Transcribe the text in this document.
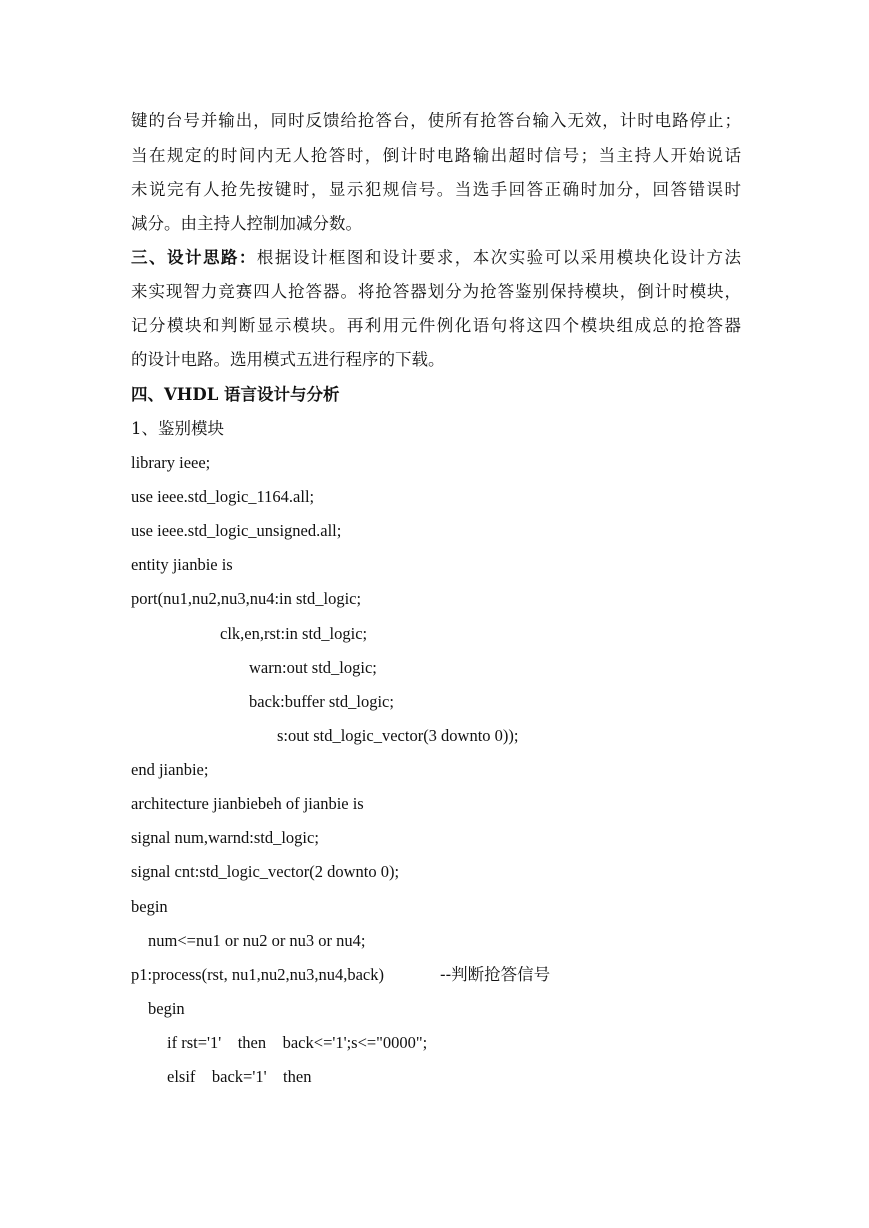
键的台号并输出，同时反馈给抢答台，使所有抢答台输入无效，计时电路停止；
当在规定的时间内无人抢答时，倒计时电路输出超时信号；当主持人开始说话
未说完有人抢先按键时，显示犯规信号。当选手回答正确时加分，回答错误时
减分。由主持人控制加减分数。
三、设计思路：根据设计框图和设计要求，本次实验可以采用模块化设计方法
来实现智力竞赛四人抢答器。将抢答器划分为抢答鉴别保持模块，倒计时模块，
记分模块和判断显示模块。再利用元件例化语句将这四个模块组成总的抢答器
的设计电路。选用模式五进行程序的下载。
四、VHDL 语言设计与分析
1、鉴别模块
library ieee;
use ieee.std_logic_1164.all;
use ieee.std_logic_unsigned.all;
entity jianbie is
port(nu1,nu2,nu3,nu4:in std_logic;
clk,en,rst:in std_logic;
warn:out std_logic;
back:buffer std_logic;
s:out std_logic_vector(3 downto 0));
end jianbie;
architecture jianbiebeh of jianbie is
signal num,warnd:std_logic;
signal cnt:std_logic_vector(2 downto 0);
begin
num<=nu1 or nu2 or nu3 or nu4;
p1:process(rst, nu1,nu2,nu3,nu4,back)	--判断抢答信号
begin
if rst='1'    then    back<='1';s<="0000";
elsif    back='1'    then
